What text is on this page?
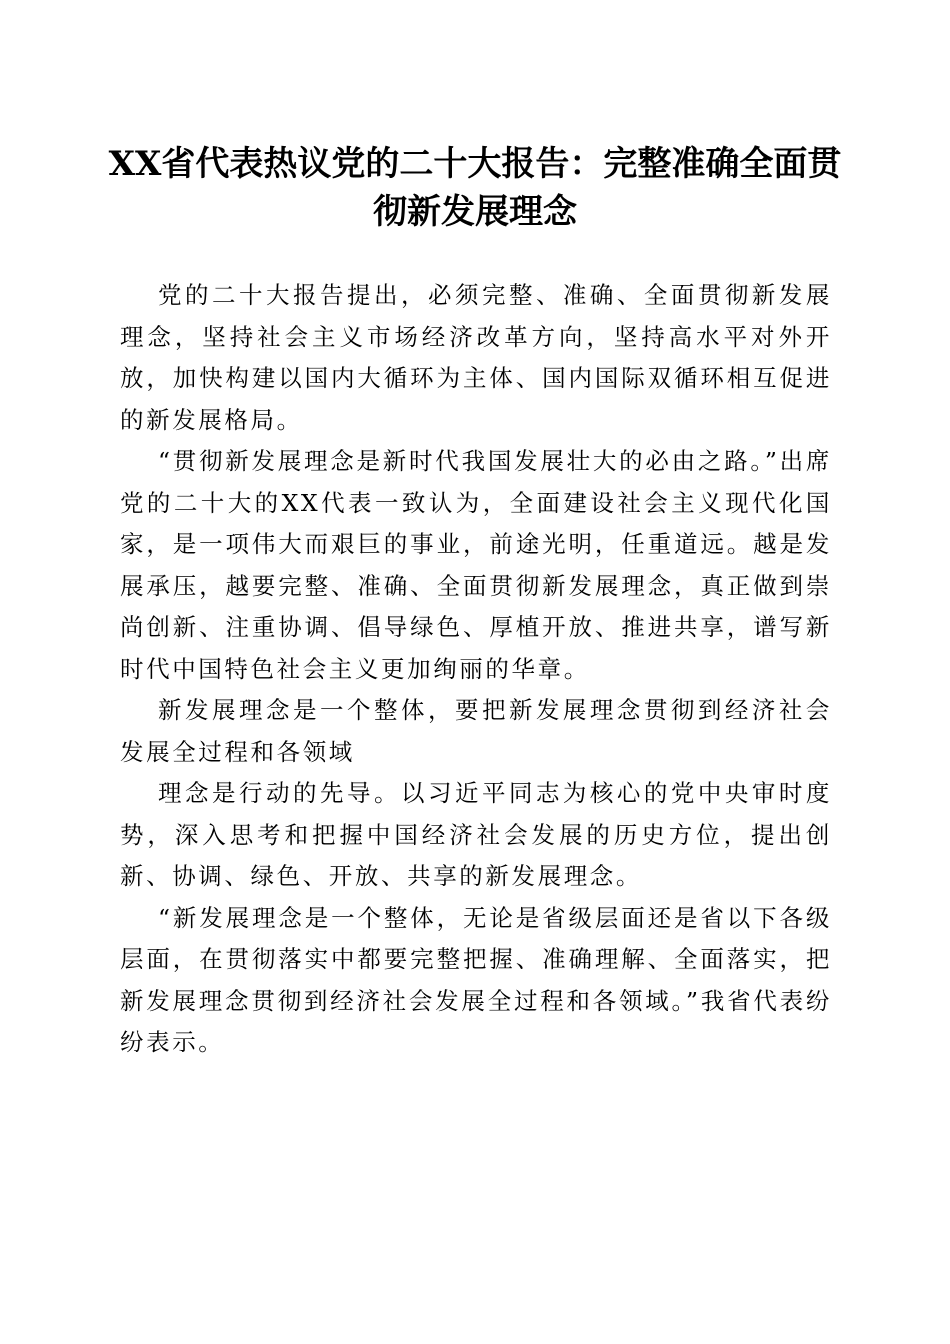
XX省代表热议党的二十大报告：完整准确全面贯彻新发展理念

党的二十大报告提出，必须完整、准确、全面贯彻新发展理念，坚持社会主义市场经济改革方向，坚持高水平对外开放，加快构建以国内大循环为主体、国内国际双循环相互促进的新发展格局。

“贯彻新发展理念是新时代我国发展壮大的必由之路。”出席党的二十大的XX代表一致认为，全面建设社会主义现代化国家，是一项伟大而艰巨的事业，前途光明，任重道远。越是发展承压，越要完整、准确、全面贯彻新发展理念，真正做到崇尚创新、注重协调、倡导绿色、厚植开放、推进共享，谱写新时代中国特色社会主义更加绚丽的华章。

新发展理念是一个整体，要把新发展理念贯彻到经济社会发展全过程和各领域

理念是行动的先导。以习近平同志为核心的党中央审时度势，深入思考和把握中国经济社会发展的历史方位，提出创新、协调、绿色、开放、共享的新发展理念。

“新发展理念是一个整体，无论是省级层面还是省以下各级层面，在贯彻落实中都要完整把握、准确理解、全面落实，把新发展理念贯彻到经济社会发展全过程和各领域。”我省代表纷纷表示。
